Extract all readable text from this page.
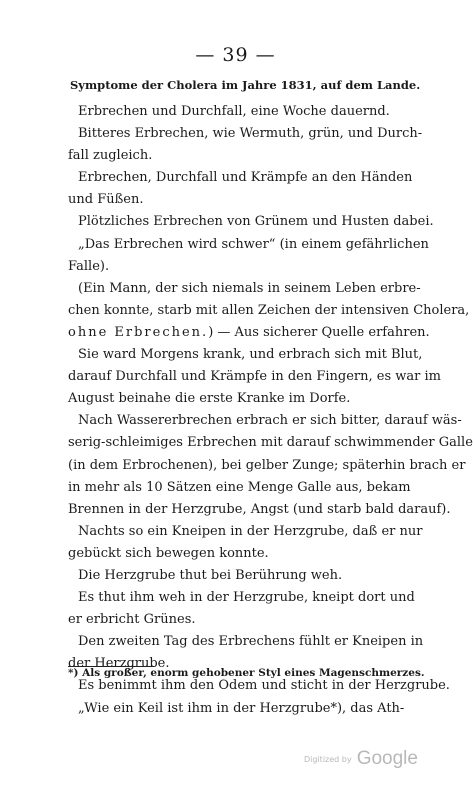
— 39 —
Symptome der Cholera im Jahre 1831, auf dem Lande.
Erbrechen und Durchfall, eine Woche dauernd.
Bitteres Erbrechen, wie Wermuth, grün, und Durch-
fall zugleich.
Erbrechen, Durchfall und Krämpfe an den Händen
und Füßen.
Plötzliches Erbrechen von Grünem und Husten dabei.
„Das Erbrechen wird schwer“ (in einem gefährlichen
Falle).
(Ein Mann, der sich niemals in seinem Leben erbre-
chen konnte, starb mit allen Zeichen der intensiven Cholera,
ohne Erbrechen.) — Aus sicherer Quelle erfahren.
Sie ward Morgens krank, und erbrach sich mit Blut,
darauf Durchfall und Krämpfe in den Fingern, es war im
August beinahe die erste Kranke im Dorfe.
Nach Wassererbrechen erbrach er sich bitter, darauf wäs-
serig-schleimiges Erbrechen mit darauf schwimmender Galle
(in dem Erbrochenen), bei gelber Zunge; späterhin brach er
in mehr als 10 Sätzen eine Menge Galle aus, bekam
Brennen in der Herzgrube, Angst (und starb bald darauf).
Nachts so ein Kneipen in der Herzgrube, daß er nur
gebückt sich bewegen konnte.
Die Herzgrube thut bei Berührung weh.
Es thut ihm weh in der Herzgrube, kneipt dort und
er erbricht Grünes.
Den zweiten Tag des Erbrechens fühlt er Kneipen in
der Herzgrube.
Es benimmt ihm den Odem und sticht in der Herzgrube.
„Wie ein Keil ist ihm in der Herzgrube*), das Ath-
*) Als großer, enorm gehobener Styl eines Magenschmerzes.
Digitized by Google
